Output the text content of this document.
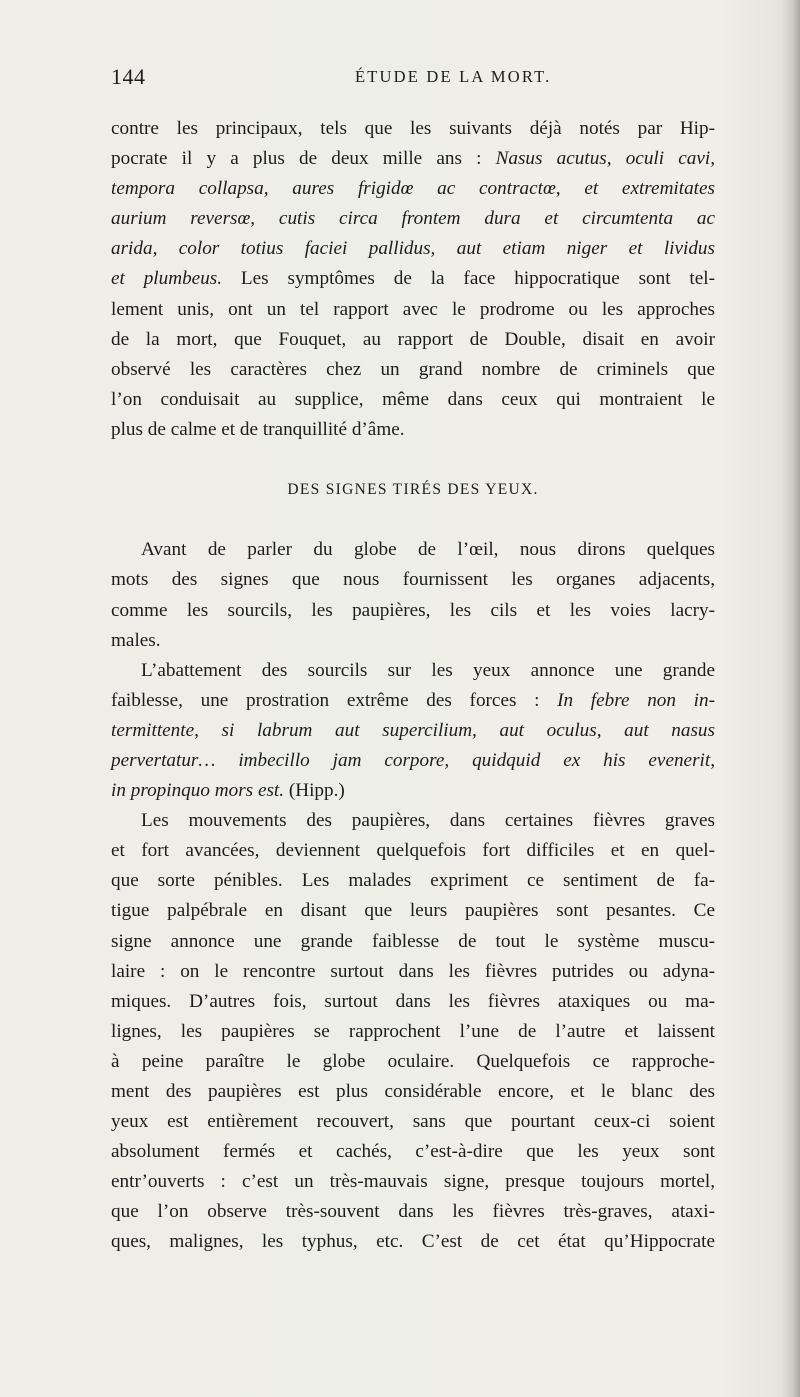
144	ÉTUDE DE LA MORT.
contre les principaux, tels que les suivants déjà notés par Hip-
pocrate il y a plus de deux mille ans : Nasus acutus, oculi cavi,
tempora collapsa, aures frigidœ ac contractœ, et extremitates
aurium reversœ, cutis circa frontem dura et circumtenta ac
arida, color totius faciei pallidus, aut etiam niger et lividus
et plumbeus. Les symptômes de la face hippocratique sont tel-
lement unis, ont un tel rapport avec le prodrome ou les approches
de la mort, que Fouquet, au rapport de Double, disait en avoir
observé les caractères chez un grand nombre de criminels que
l’on conduisait au supplice, même dans ceux qui montraient le
plus de calme et de tranquillité d’âme.
DES SIGNES TIRÉS DES YEUX.
Avant de parler du globe de l’œil, nous dirons quelques
mots des signes que nous fournissent les organes adjacents,
comme les sourcils, les paupières, les cils et les voies lacry-
males.
L’abattement des sourcils sur les yeux annonce une grande
faiblesse, une prostration extrême des forces : In febre non in-
termittente, si labrum aut supercilium, aut oculus, aut nasus
pervertatur… imbecillo jam corpore, quidquid ex his evenerit,
in propinquo mors est. (Hipp.)
Les mouvements des paupières, dans certaines fièvres graves
et fort avancées, deviennent quelquefois fort difficiles et en quel-
que sorte pénibles. Les malades expriment ce sentiment de fa-
tigue palpébrale en disant que leurs paupières sont pesantes. Ce
signe annonce une grande faiblesse de tout le système muscu-
laire : on le rencontre surtout dans les fièvres putrides ou adyna-
miques. D’autres fois, surtout dans les fièvres ataxiques ou ma-
lignes, les paupières se rapprochent l’une de l’autre et laissent
à peine paraître le globe oculaire. Quelquefois ce rapproche-
ment des paupières est plus considérable encore, et le blanc des
yeux est entièrement recouvert, sans que pourtant ceux-ci soient
absolument fermés et cachés, c’est-à-dire que les yeux sont
entr’ouverts : c’est un très-mauvais signe, presque toujours mortel,
que l’on observe très-souvent dans les fièvres très-graves, ataxi-
ques, malignes, les typhus, etc. C’est de cet état qu’Hippocrate
